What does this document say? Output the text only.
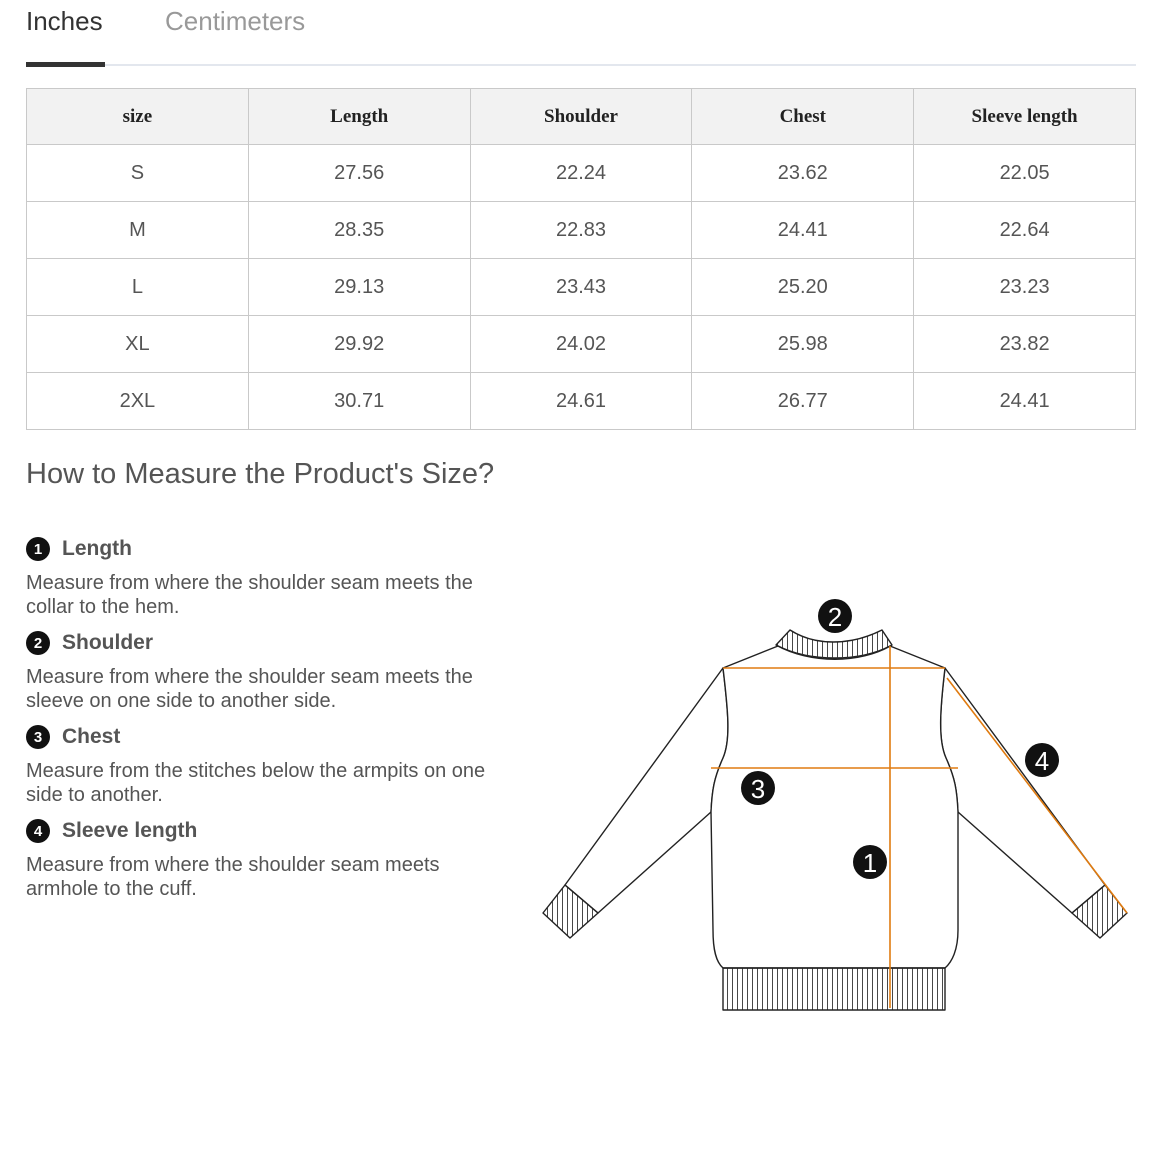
Inches Centimeters
size	Length	Shoulder	Chest	Sleeve length
S	27.56	22.24	23.62	22.05
M	28.35	22.83	24.41	22.64
L	29.13	23.43	25.20	23.23
XL	29.92	24.02	25.98	23.82
2XL	30.71	24.61	26.77	24.41
How to Measure the Product's Size?
1 Length
Measure from where the shoulder seam meets the collar to the hem.
2 Shoulder
Measure from where the shoulder seam meets the sleeve on one side to another side.
3 Chest
Measure from the stitches below the armpits on one side to another.
4 Sleeve length
Measure from where the shoulder seam meets armhole to the cuff.
1
2
3
4
